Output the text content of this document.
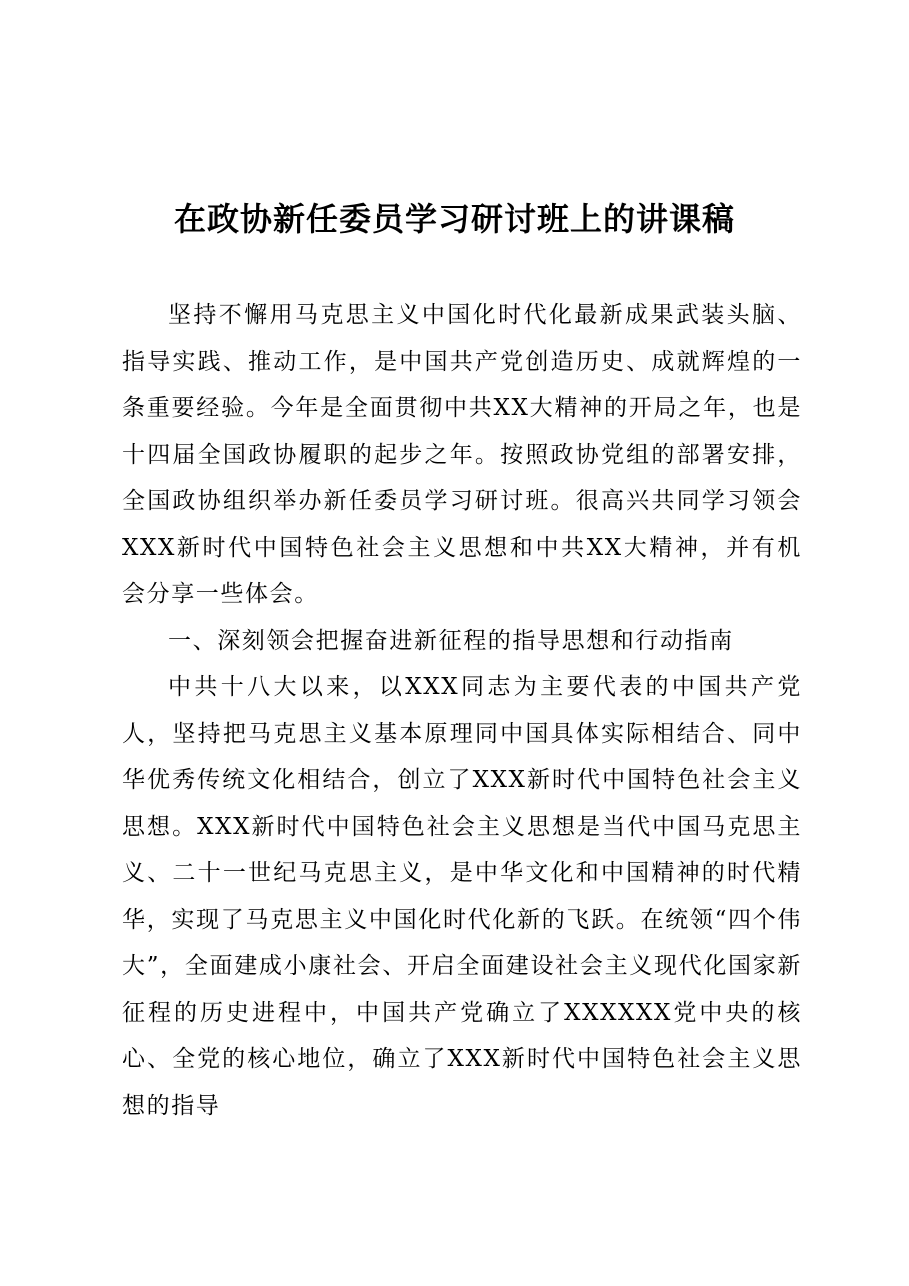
在政协新任委员学习研讨班上的讲课稿

坚持不懈用马克思主义中国化时代化最新成果武装头脑、指导实践、推动工作，是中国共产党创造历史、成就辉煌的一条重要经验。今年是全面贯彻中共XX大精神的开局之年，也是十四届全国政协履职的起步之年。按照政协党组的部署安排，全国政协组织举办新任委员学习研讨班。很高兴共同学习领会XXX新时代中国特色社会主义思想和中共XX大精神，并有机会分享一些体会。

一、深刻领会把握奋进新征程的指导思想和行动指南

中共十八大以来，以XXX同志为主要代表的中国共产党人，坚持把马克思主义基本原理同中国具体实际相结合、同中华优秀传统文化相结合，创立了XXX新时代中国特色社会主义思想。XXX新时代中国特色社会主义思想是当代中国马克思主义、二十一世纪马克思主义，是中华文化和中国精神的时代精华，实现了马克思主义中国化时代化新的飞跃。在统领“四个伟大”，全面建成小康社会、开启全面建设社会主义现代化国家新征程的历史进程中，中国共产党确立了XXXXXX党中央的核心、全党的核心地位，确立了XXX新时代中国特色社会主义思想的指导
